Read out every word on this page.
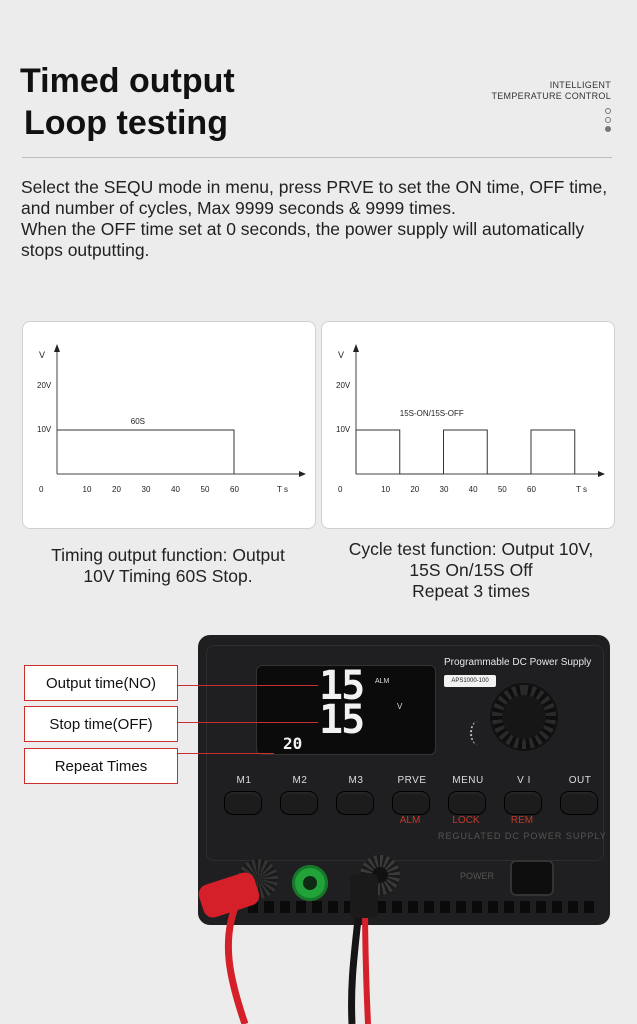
Timed output
Loop testing
INTELLIGENT
TEMPERATURE CONTROL
Select the SEQU mode in menu, press PRVE to set the ON time, OFF time, and number of cycles, Max 9999 seconds & 9999 times.
When the OFF time set at 0 seconds, the power supply will automatically stops outputting.
V
T s
0	10	20	30	40	50	60
10V
20V
60S
V
T s
0	10	20	30	40	50	60
10V
20V
15S-ON/15S-OFF
Timing output function: Output
10V Timing 60S Stop.
Cycle test function: Output 10V,
15S On/15S Off
Repeat 3 times
15
15
ALM
V
20
Programmable DC Power Supply
APS1000-100
M1	M2	M3	PRVE
ALM
MENU
LOCK
V I
REM
OUT
REGULATED DC POWER SUPPLY
POWER
Output time(NO)
Stop time(OFF)
Repeat Times
